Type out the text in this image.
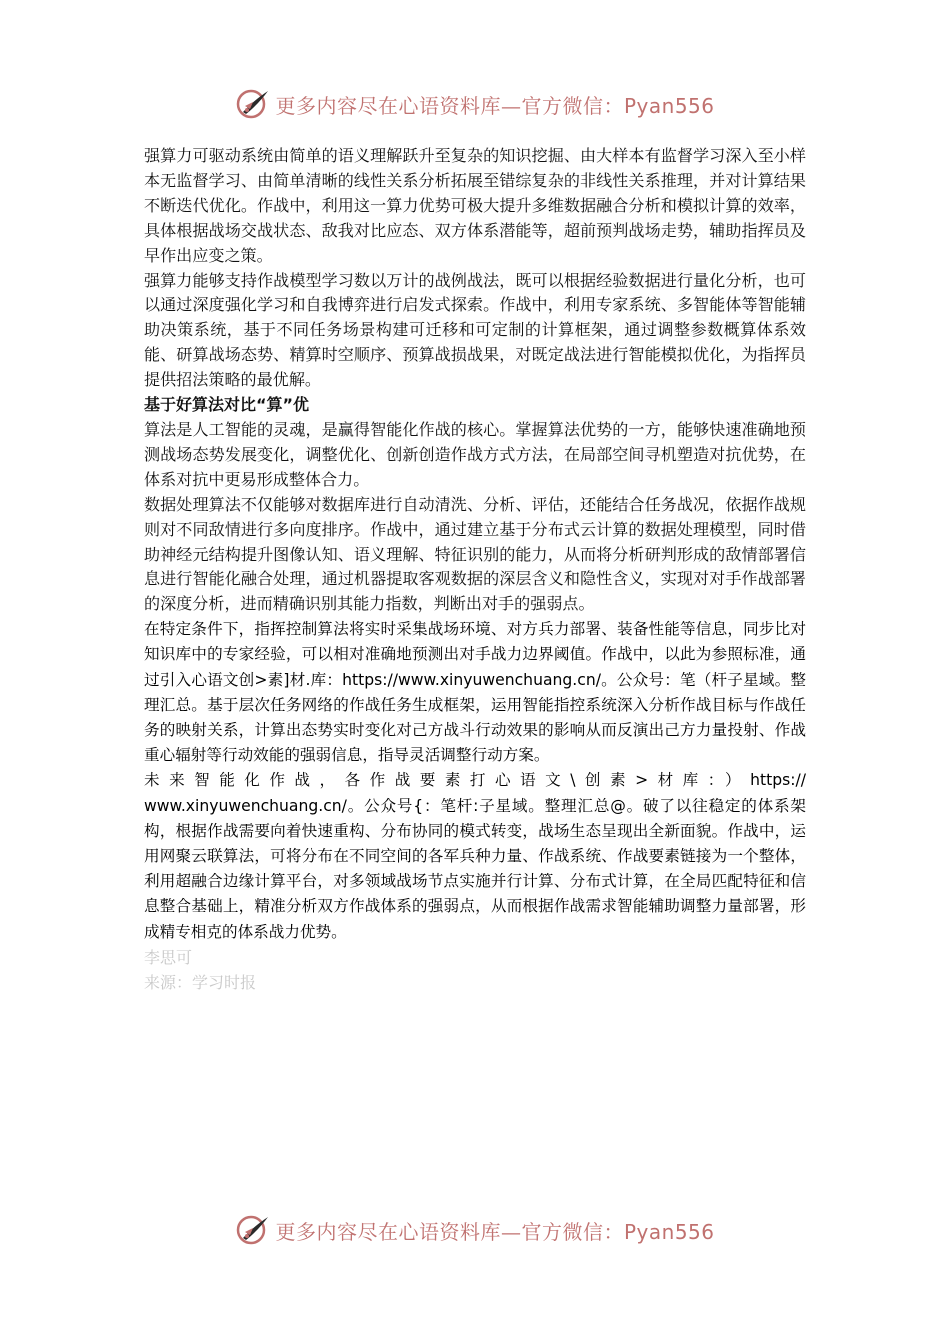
更多内容尽在心语资料库—官方微信：Pyan556

强算力可驱动系统由简单的语义理解跃升至复杂的知识挖掘、由大样本有监督学习深入至小样本无监督学习、由简单清晰的线性关系分析拓展至错综复杂的非线性关系推理，并对计算结果不断迭代优化。作战中，利用这一算力优势可极大提升多维数据融合分析和模拟计算的效率，具体根据战场交战状态、敌我对比应态、双方体系潜能等，超前预判战场走势，辅助指挥员及早作出应变之策。

强算力能够支持作战模型学习数以万计的战例战法，既可以根据经验数据进行量化分析，也可以通过深度强化学习和自我博弈进行启发式探索。作战中，利用专家系统、多智能体等智能辅助决策系统，基于不同任务场景构建可迁移和可定制的计算框架，通过调整参数概算体系效能、研算战场态势、精算时空顺序、预算战损战果，对既定战法进行智能模拟优化，为指挥员提供招法策略的最优解。

基于好算法对比“算”优

算法是人工智能的灵魂，是赢得智能化作战的核心。掌握算法优势的一方，能够快速准确地预测战场态势发展变化，调整优化、创新创造作战方式方法，在局部空间寻机塑造对抗优势，在体系对抗中更易形成整体合力。

数据处理算法不仅能够对数据库进行自动清洗、分析、评估，还能结合任务战况，依据作战规则对不同敌情进行多向度排序。作战中，通过建立基于分布式云计算的数据处理模型，同时借助神经元结构提升图像认知、语义理解、特征识别的能力，从而将分析研判形成的敌情部署信息进行智能化融合处理，通过机器提取客观数据的深层含义和隐性含义，实现对对手作战部署的深度分析，进而精确识别其能力指数，判断出对手的强弱点。

在特定条件下，指挥控制算法将实时采集战场环境、对方兵力部署、装备性能等信息，同步比对知识库中的专家经验，可以相对准确地预测出对手战力边界阈值。作战中，以此为参照标准，通过引入心语文创>素]材.库：https://www.xinyuwenchuang.cn/。公众号：笔（杆子星域。整理汇总。基于层次任务网络的作战任务生成框架，运用智能指控系统深入分析作战目标与作战任务的映射关系，计算出态势实时变化对己方战斗行动效果的影响从而反演出己方力量投射、作战重心辐射等行动效能的强弱信息，指导灵活调整行动方案。

未来智能化作战，各作战要素打心语文\创素>材库：）https://

www.xinyuwenchuang.cn/。公众号{：笔杆:子星域。整理汇总@。破了以往稳定的体系架构，根据作战需要向着快速重构、分布协同的模式转变，战场生态呈现出全新面貌。作战中，运用网聚云联算法，可将分布在不同空间的各军兵种力量、作战系统、作战要素链接为一个整体，利用超融合边缘计算平台，对多领域战场节点实施并行计算、分布式计算，在全局匹配特征和信息整合基础上，精准分析双方作战体系的强弱点，从而根据作战需求智能辅助调整力量部署，形成精专相克的体系战力优势。

李思可

来源：学习时报

更多内容尽在心语资料库—官方微信：Pyan556
